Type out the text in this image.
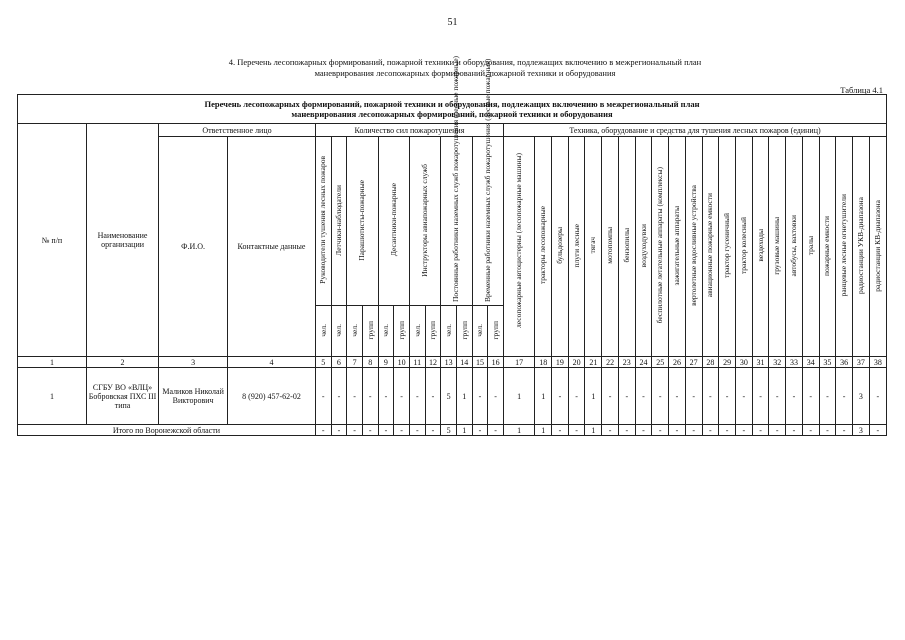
51
4. Перечень лесопожарных формирований, пожарной техники и оборудования, подлежащих включению в межрегиональный план
маневрирования лесопожарных формирований, пожарной техники и оборудования
Таблица 4.1
Перечень лесопожарных формирований, пожарной техники и оборудования, подлежащих включению в межрегиональный план
маневрирования лесопожарных формирований, пожарной техники и оборудования																																					

№ п/п	Наименование организации	Ответственное лицо		Количество сил пожаротушения												Техника, оборудование и средства для тушения лесных пожаров (единиц)																					
		Ф.И.О.	Контактные данные	Руководители тушения лесных пожаров	Летчики-наблюдатели	Парашютисты-пожарные		Десантники-пожарные		Инструкторы авиапожарных служб		Постоянные работники наземных служб пожаротушения (лесные пожарные)		Временные работники наземных служб пожаротушения (лесные пожарные)		лесопожарные автоцистерны (лесопожарные машины)	тракторы лесопожарные	бульдозеры	плуги лесные	тягач	мотопомпы	бензопилы	воздуходувки	беспилотные летательные аппараты (комплексы)	зажигательные аппараты	вертолетные водосливные устройства	авиационные пожарные емкости	трактор гусеничный	трактор колесный	вездеходы	грузовые машины	автобусы, вахтовки	тралы	пожарные емкости	ранцевые лесные огнетушители	радиостанции УКВ-диапазона	радиостанции КВ-диапазона
				чел.	чел.	чел.	групп	чел.	групп	чел.	групп	чел.	групп	чел.	групп																						
1	2	3	4	5	6	7	8	9	10	11	12	13	14	15	16	17	18	19	20	21	22	23	24	25	26	27	28	29	30	31	32	33	34	35	36	37	38
1	СГБУ ВО «ВЛЦ» Бобровская ПХС III типа	Маликов Николай Викторович	8 (920) 457-62-02	-	-	-	-	-	-	-	-	5	1	-	-	1	1	-	-	1	-	-	-	-	-	-	-	-	-	-	-	-	-	-	-	3	-
Итого по Воронежской области				-	-	-	-	-	-	-	-	5	1	-	-	1	1	-	-	1	-	-	-	-	-	-	-	-	-	-	-	-	-	-	-	3	-
